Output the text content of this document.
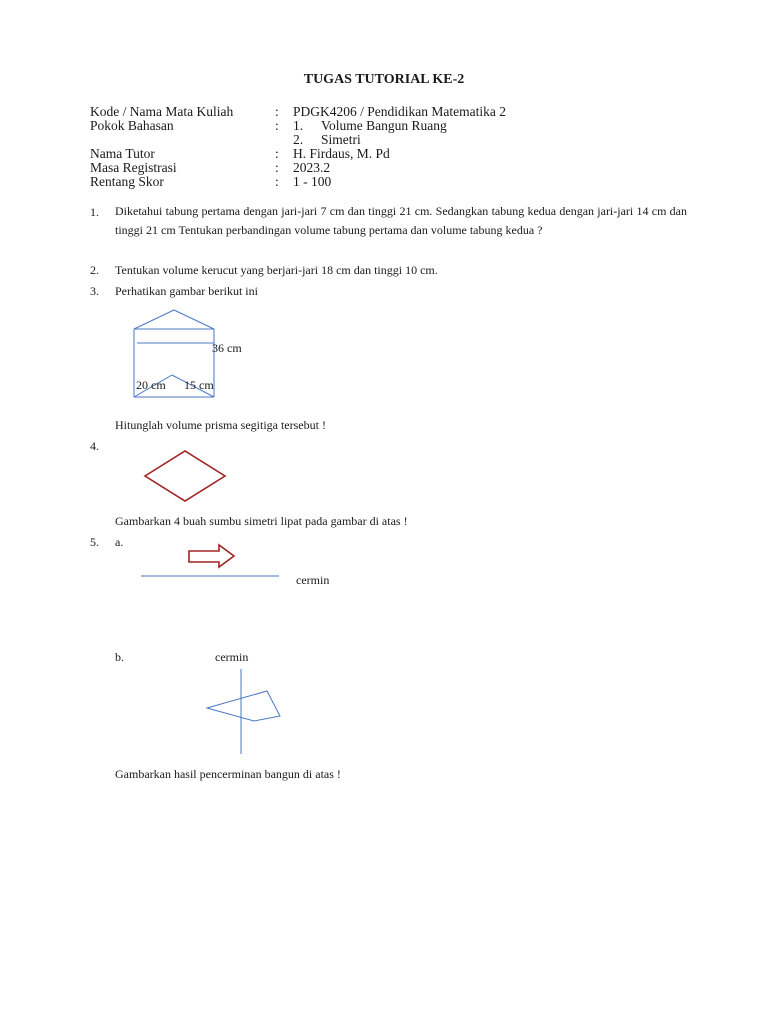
TUGAS TUTORIAL KE-2
Kode / Nama Mata Kuliah	: PDGK4206 / Pendidikan Matematika 2
Pokok Bahasan	: 1. Volume Bangun Ruang
2. Simetri
Nama Tutor	: H. Firdaus, M. Pd
Masa Registrasi	: 2023.2
Rentang Skor	: 1 - 100
1. Diketahui tabung pertama dengan jari-jari 7 cm dan tinggi 21 cm. Sedangkan tabung kedua dengan jari-jari 14 cm dan tinggi 21 cm Tentukan perbandingan volume tabung pertama dan volume tabung kedua ?
2. Tentukan volume kerucut yang berjari-jari 18 cm dan tinggi 10 cm.
3. Perhatikan gambar berikut ini
36 cm
20 cm 15 cm
Hitunglah volume prisma segitiga tersebut !
4.
Gambarkan 4 buah sumbu simetri lipat pada gambar di atas !
5. a.
cermin
b.	cermin
Gambarkan hasil pencerminan bangun di atas !
